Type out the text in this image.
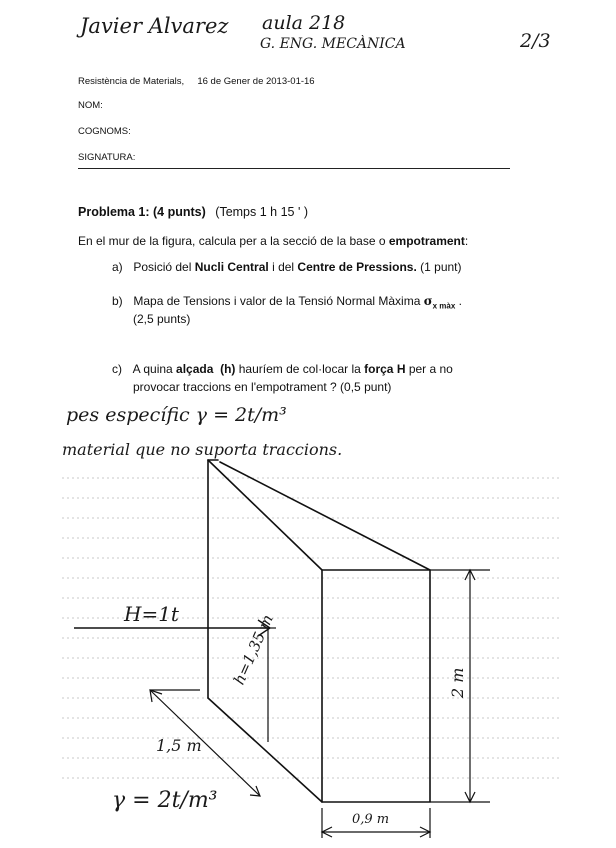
Javier Alvarez aula 218
G. ENG. MECÀNICA	2/3
Resistència de Materials,     16 de Gener de 2013-01-16
NOM:
COGNOMS:
SIGNATURA:
Problema 1: (4 punts) (Temps 1 h 15 ' )
En el mur de la figura, calcula per a la secció de la base o empotrament:
a) Posició del Nucli Central i del Centre de Pressions. (1 punt)
b) Mapa de Tensions i valor de la Tensió Normal Màxima $\sigma_{x màx}$ .
(2,5 punts)
c) A quina alçada (h) hauríem de col·locar la força H per a no
provocar traccions en l'empotrament ? (0,5 punt)
pes específic γ = 2t/m³
material que no suporta traccions.
H=1t	h=1,35 m	2 m
1,5 m
0,9 m
γ = 2t/m³
